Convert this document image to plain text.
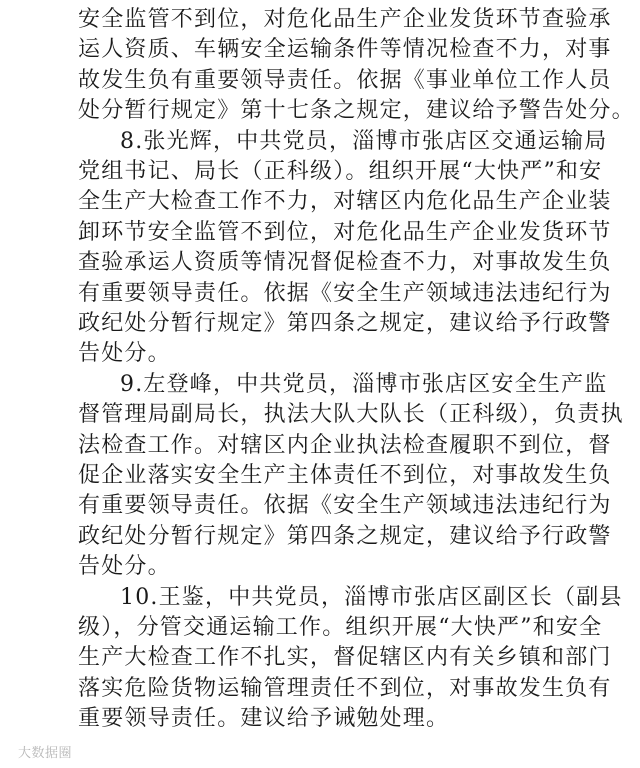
安全监管不到位，对危化品生产企业发货环节查验承
运人资质、车辆安全运输条件等情况检查不力，对事
故发生负有重要领导责任。依据《事业单位工作人员
处分暂行规定》第十七条之规定，建议给予警告处分。
8.张光辉，中共党员，淄博市张店区交通运输局
党组书记、局长（正科级）。组织开展“大快严”和安
全生产大检查工作不力，对辖区内危化品生产企业装
卸环节安全监管不到位，对危化品生产企业发货环节
查验承运人资质等情况督促检查不力，对事故发生负
有重要领导责任。依据《安全生产领域违法违纪行为
政纪处分暂行规定》第四条之规定，建议给予行政警
告处分。
9.左登峰，中共党员，淄博市张店区安全生产监
督管理局副局长，执法大队大队长（正科级），负责执
法检查工作。对辖区内企业执法检查履职不到位，督
促企业落实安全生产主体责任不到位，对事故发生负
有重要领导责任。依据《安全生产领域违法违纪行为
政纪处分暂行规定》第四条之规定，建议给予行政警
告处分。
10.王鉴，中共党员，淄博市张店区副区长（副县
级），分管交通运输工作。组织开展“大快严”和安全
生产大检查工作不扎实，督促辖区内有关乡镇和部门
落实危险货物运输管理责任不到位，对事故发生负有
重要领导责任。建议给予诫勉处理。
大数据圈
